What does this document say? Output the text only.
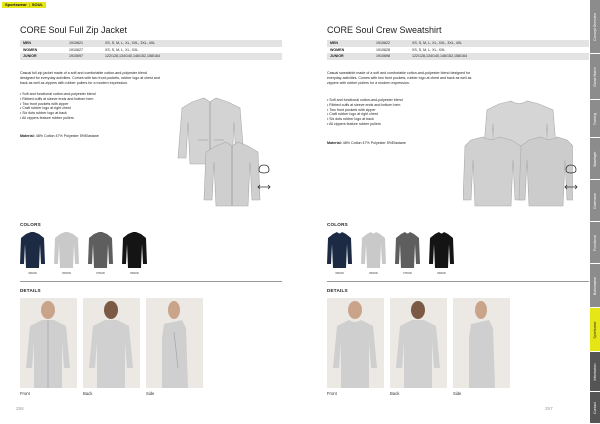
Sportswear | SOUL
CORE Soul Full Zip Jacket
MEN	1910621	XS, S, M, L, XL, XXL, 3XL, 4XL
WOMEN	1910627	XS, S, M, L, XL, XXL
JUNIOR	1910697	122/128,134/140,146/152,158/164
Casual full zip jacket made of a soft and comfortable cotton-and-polyester blend designed for everyday activities. Comes with two front pockets, rubber logo at chest and back as well as zippers with rubber pullers for a modern expression.
• Soft and functional cotton-and-polyester blend
• Ribbed cuffs at sleeve ends and bottom hem
• Two front pockets with zipper
• Craft rubber logo at right chest
• Six dots rubber logo at back
• All zippers feature rubber pullers
Material: 48% Cotton 47% Polyester 5%Elastane
COLORS
396000	950000	975000	999000
DETAILS
Front	Back	Side
256
CORE Soul Crew Sweatshirt
MEN	1910622	XS, S, M, L, XL, XXL, 3XL, 4XL
WOMEN	1910628	XS, S, M, L, XL, XXL
JUNIOR	1910698	122/128,134/140,146/152,158/164
Casual sweatshirt made of a soft and comfortable cotton-and-polyester blend designed for everyday activities. Comes with two front pockets, rubber logo at chest and back as well as zippers with rubber pullers for a modern expression.
• Soft and functional cotton-and-polyester blend
• Ribbed cuffs at sleeve ends and bottom hem
• Two front pockets with zipper
• Craft rubber logo at right chest
• Six dots rubber logo at back
• All zippers feature rubber pullers
Material: 48% Cotton 47% Polyester 5%Elastane
COLORS
396000	950000	975000	999000
DETAILS
Front	Back	Side
257
Concept Overview
Game Match
Training
Baselayer
Outerwear
Functional
Bottomwear
Sportswear
Information
Contact
